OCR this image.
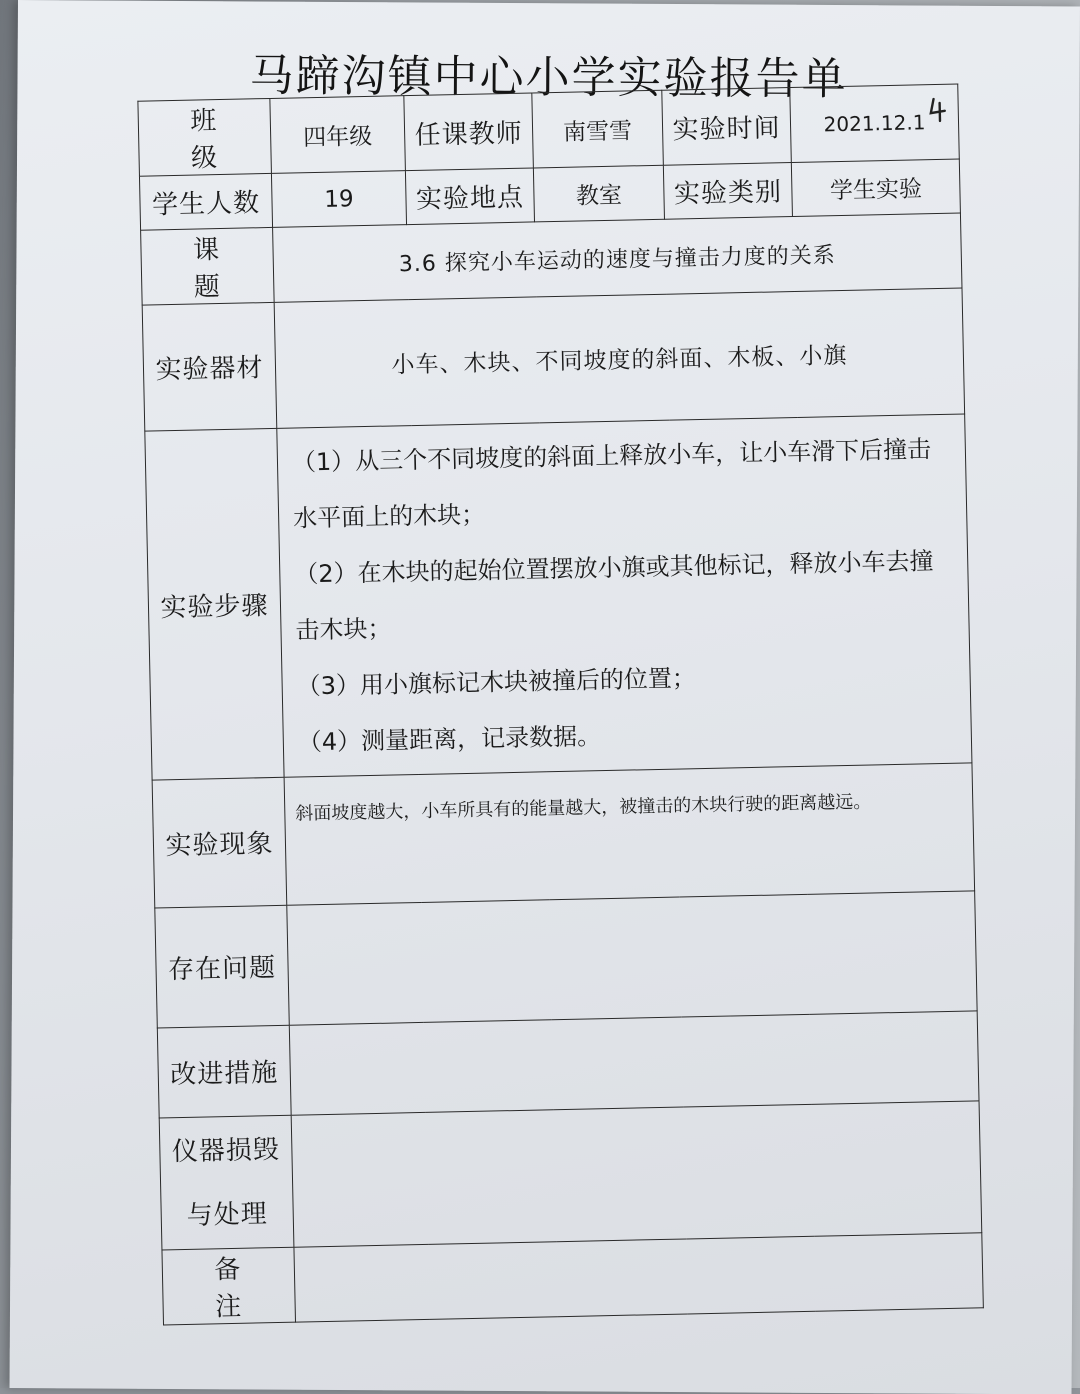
马蹄沟镇中心小学实验报告单
班 级	四年级	任课教师	南雪雪	实验时间	2021.12.1

学生人数	19	实验地点	教室	实验类别	学生实验
课 题	3.6 探究小车运动的速度与撞击力度的关系				
实验器材	小车、木块、不同坡度的斜面、木板、小旗				
实验步骤	（1）从三个不同坡度的斜面上释放小车，让小车滑下后撞击水平面上的木块；

（2）在木块的起始位置摆放小旗或其他标记，释放小车去撞击木块；

（3）用小旗标记木块被撞后的位置；

（4）测量距离，记录数据。				

实验现象	斜面坡度越大，小车所具有的能量越大，被撞击的木块行驶的距离越远。				
存在问题					
改进措施					

仪器损毁
与处理					

备 注					
